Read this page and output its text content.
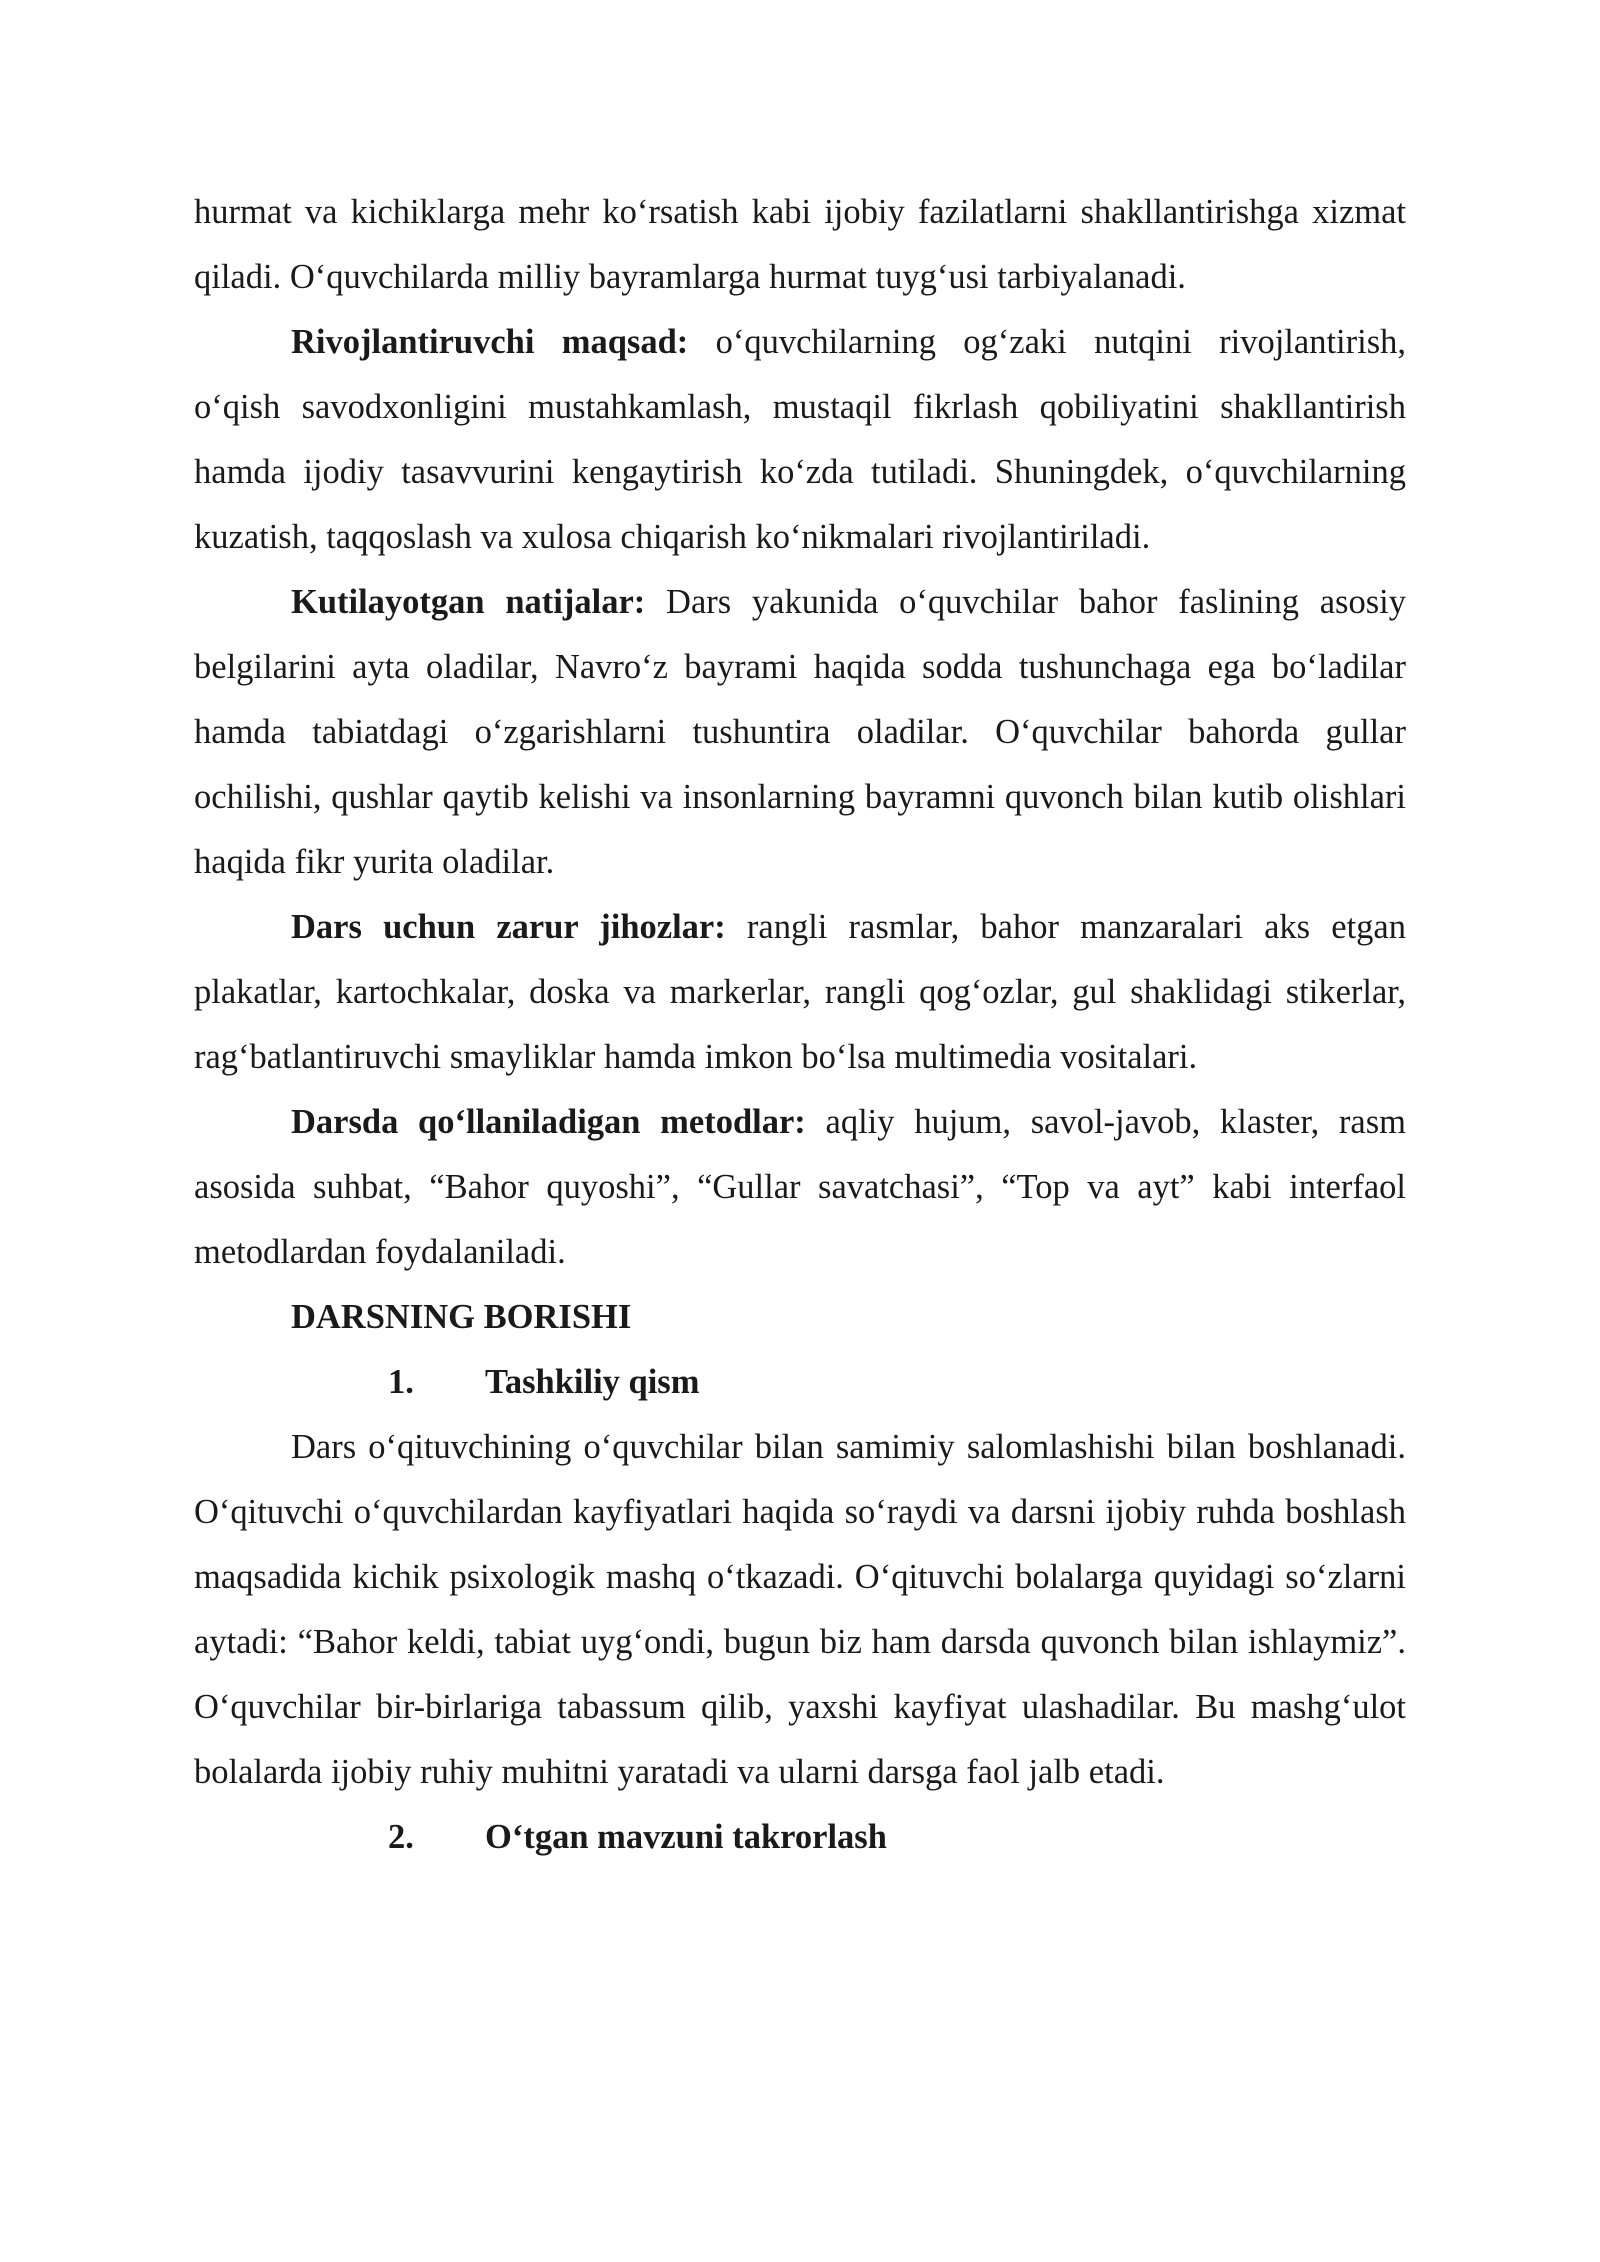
hurmat va kichiklarga mehr ko‘rsatish kabi ijobiy fazilatlarni shakllantirishga xizmat qiladi. O‘quvchilarda milliy bayramlarga hurmat tuyg‘usi tarbiyalanadi.

Rivojlantiruvchi maqsad: o‘quvchilarning og‘zaki nutqini rivojlantirish, o‘qish savodxonligini mustahkamlash, mustaqil fikrlash qobiliyatini shakllantirish hamda ijodiy tasavvurini kengaytirish ko‘zda tutiladi. Shuningdek, o‘quvchilarning kuzatish, taqqoslash va xulosa chiqarish ko‘nikmalari rivojlantiriladi.

Kutilayotgan natijalar: Dars yakunida o‘quvchilar bahor faslining asosiy belgilarini ayta oladilar, Navro‘z bayrami haqida sodda tushunchaga ega bo‘ladilar hamda tabiatdagi o‘zgarishlarni tushuntira oladilar. O‘quvchilar bahorda gullar ochilishi, qushlar qaytib kelishi va insonlarning bayramni quvonch bilan kutib olishlari haqida fikr yurita oladilar.

Dars uchun zarur jihozlar: rangli rasmlar, bahor manzaralari aks etgan plakatlar, kartochkalar, doska va markerlar, rangli qog‘ozlar, gul shaklidagi stikerlar, rag‘batlantiruvchi smayliklar hamda imkon bo‘lsa multimedia vositalari.

Darsda qo‘llaniladigan metodlar: aqliy hujum, savol-javob, klaster, rasm asosida suhbat, “Bahor quyoshi”, “Gullar savatchasi”, “Top va ayt” kabi interfaol metodlardan foydalaniladi.

DARSNING BORISHI
1. Tashkiliy qism

Dars o‘qituvchining o‘quvchilar bilan samimiy salomlashishi bilan boshlanadi. O‘qituvchi o‘quvchilardan kayfiyatlari haqida so‘raydi va darsni ijobiy ruhda boshlash maqsadida kichik psixologik mashq o‘tkazadi. O‘qituvchi bolalarga quyidagi so‘zlarni aytadi: “Bahor keldi, tabiat uyg‘ondi, bugun biz ham darsda quvonch bilan ishlaymiz”. O‘quvchilar bir-birlariga tabassum qilib, yaxshi kayfiyat ulashadilar. Bu mashg‘ulot bolalarda ijobiy ruhiy muhitni yaratadi va ularni darsga faol jalb etadi.

2. O‘tgan mavzuni takrorlash
